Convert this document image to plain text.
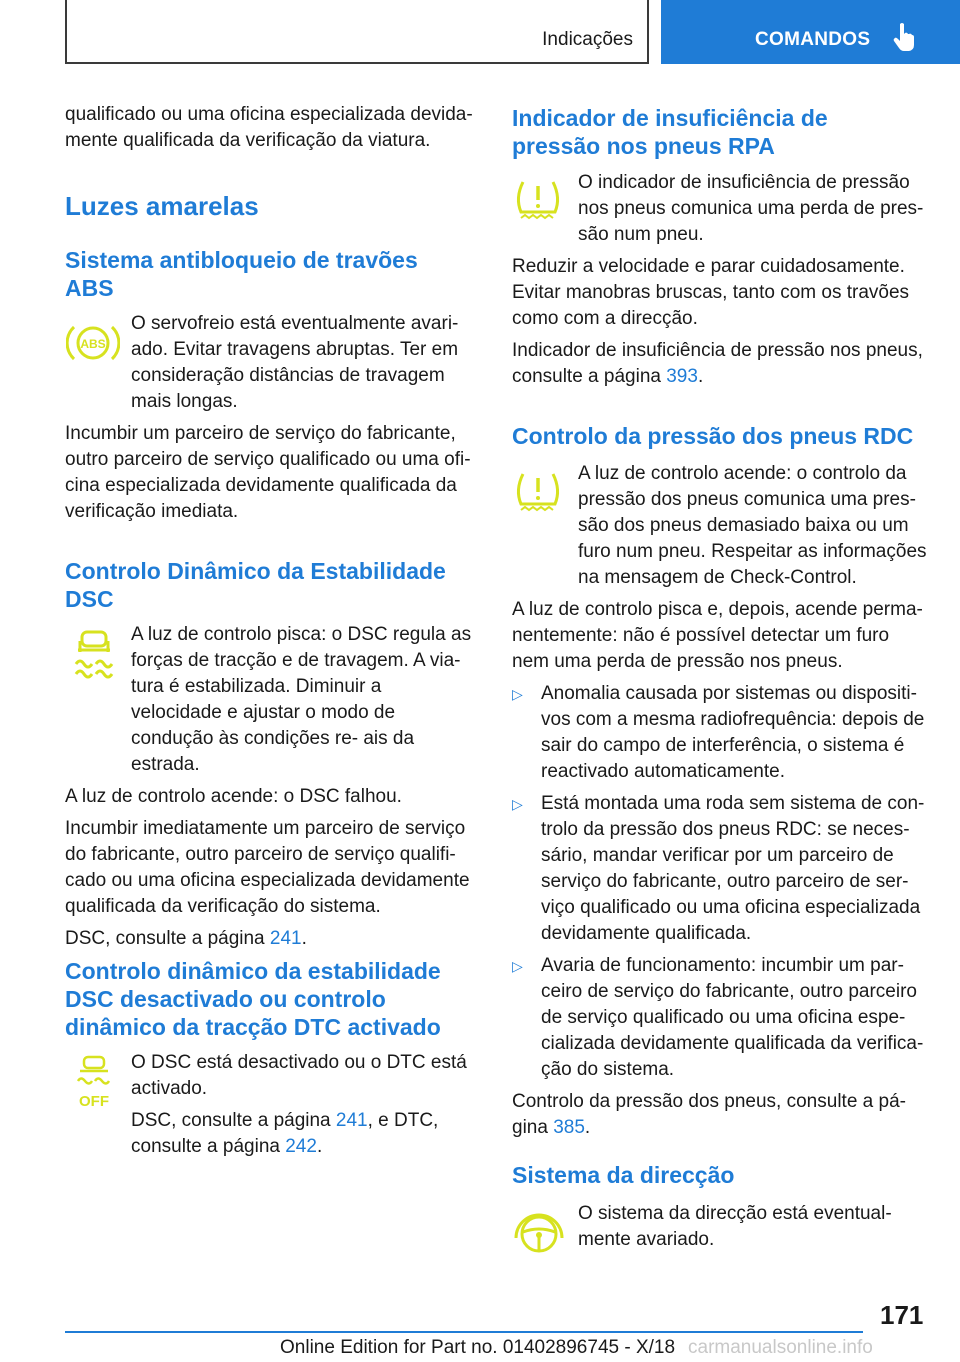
Indicações	COMANDOS

qualificado ou uma oficina especializada devida‐ mente qualificada da verificação da viatura.

Luzes amarelas
Sistema antibloqueio de travões ABS
ABS

O servofreio está eventualmente avari‐ ado. Evitar travagens abruptas. Ter em consideração distâncias de travagem mais longas.

Incumbir um parceiro de serviço do fabricante, outro parceiro de serviço qualificado ou uma ofi‐ cina especializada devidamente qualificada da verificação imediata.

Controlo Dinâmico da Estabilidade DSC

A luz de controlo pisca: o DSC regula as forças de tracção e de travagem. A via‐ tura é estabilizada. Diminuir a velocidade e ajustar o modo de condução às condições re‐ ais da estrada.

A luz de controlo acende: o DSC falhou.

Incumbir imediatamente um parceiro de serviço do fabricante, outro parceiro de serviço qualifi‐ cado ou uma oficina especializada devidamente qualificada da verificação do sistema.

DSC, consulte a página 241.

Controlo dinâmico da estabilidade DSC desactivado ou controlo dinâmico da tracção DTC activado
OFF

O DSC está desactivado ou o DTC está activado.

DSC, consulte a página 241, e DTC, consulte a página 242.

Indicador de insuficiência de pressão nos pneus RPA

O indicador de insuficiência de pressão nos pneus comunica uma perda de pres‐ são num pneu.

Reduzir a velocidade e parar cuidadosamente. Evitar manobras bruscas, tanto com os travões como com a direcção.

Indicador de insuficiência de pressão nos pneus, consulte a página 393.

Controlo da pressão dos pneus RDC

A luz de controlo acende: o controlo da pressão dos pneus comunica uma pres‐ são dos pneus demasiado baixa ou um furo num pneu. Respeitar as informações na mensagem de Check-Control.

A luz de controlo pisca e, depois, acende perma‐ nentemente: não é possível detectar um furo nem uma perda de pressão nos pneus.

▷ Anomalia causada por sistemas ou dispositi‐ vos com a mesma radiofrequência: depois de sair do campo de interferência, o sistema é reactivado automaticamente.
▷ Está montada uma roda sem sistema de con‐ trolo da pressão dos pneus RDC: se neces‐ sário, mandar verificar por um parceiro de serviço do fabricante, outro parceiro de ser‐ viço qualificado ou uma oficina especializada devidamente qualificada.
▷ Avaria de funcionamento: incumbir um par‐ ceiro de serviço do fabricante, outro parceiro de serviço qualificado ou uma oficina espe‐ cializada devidamente qualificada da verifica‐ ção do sistema.

Controlo da pressão dos pneus, consulte a pá‐ gina 385.

Sistema da direcção

O sistema da direcção está eventual‐ mente avariado.

171
Online Edition for Part no. 01402896745 - X/18 carmanualsonline.info
